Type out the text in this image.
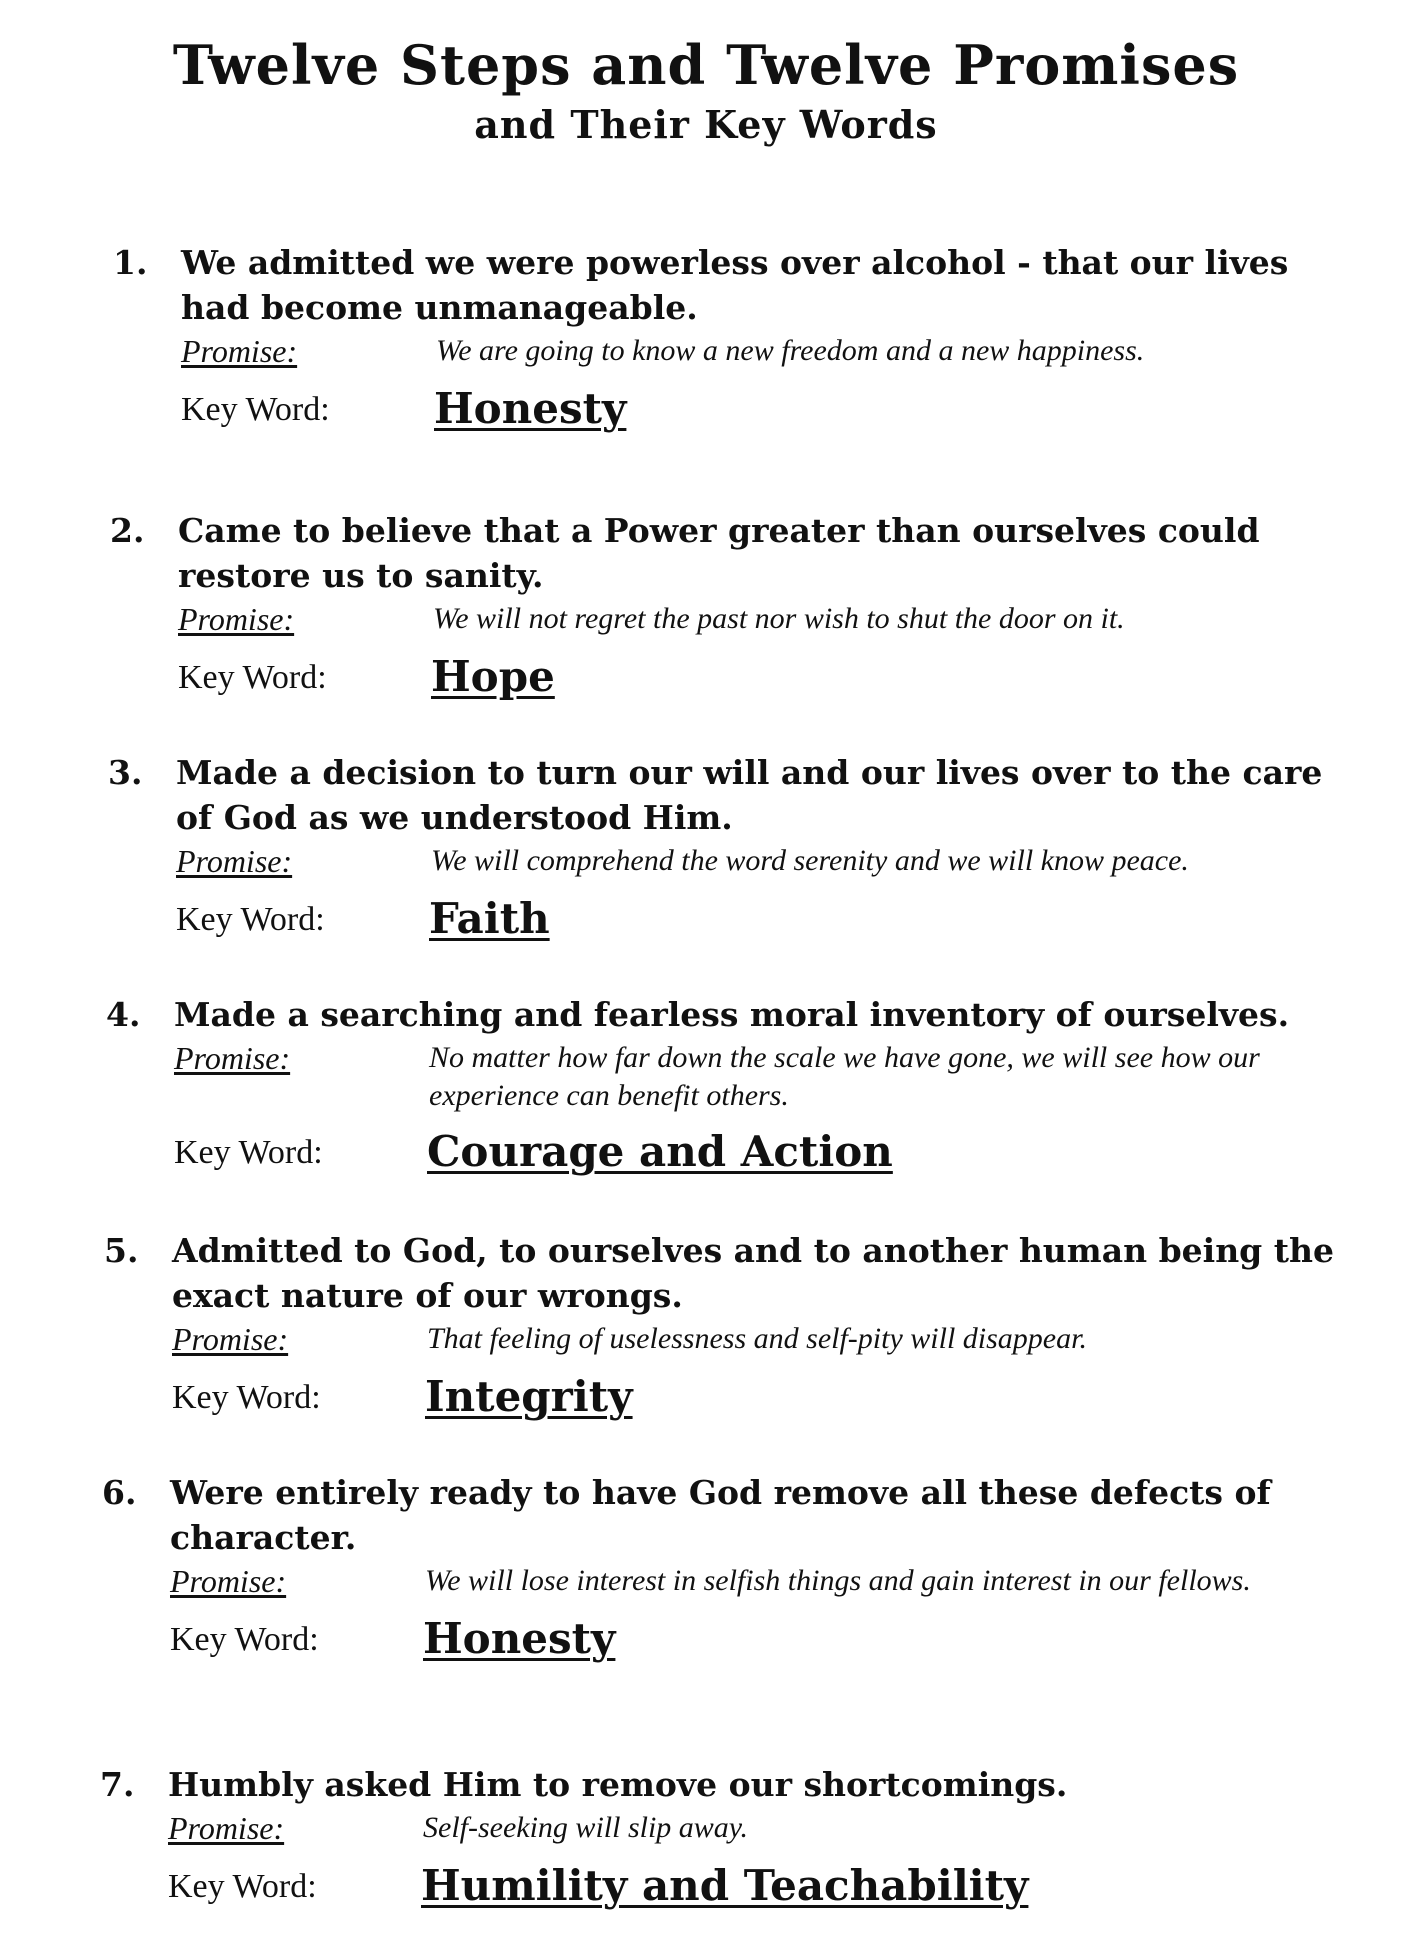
Twelve Steps and Twelve Promises
and Their Key Words
1. We admitted we were powerless over alcohol - that our lives had become unmanageable.
Promise:	We are going to know a new freedom and a new happiness.
Key Word: Honesty
2. Came to believe that a Power greater than ourselves could restore us to sanity.
Promise:	We will not regret the past nor wish to shut the door on it.
Key Word: Hope
3. Made a decision to turn our will and our lives over to the care of God as we understood Him.
Promise:	We will comprehend the word serenity and we will know peace.
Key Word: Faith
4. Made a searching and fearless moral inventory of ourselves.
Promise:	No matter how far down the scale we have gone, we will see how our experience can benefit others.
Key Word: Courage and Action
5. Admitted to God, to ourselves and to another human being the exact nature of our wrongs.
Promise:	That feeling of uselessness and self-pity will disappear.
Key Word: Integrity
6. Were entirely ready to have God remove all these defects of character.
Promise:	We will lose interest in selfish things and gain interest in our fellows.
Key Word: Honesty
7. Humbly asked Him to remove our shortcomings.
Promise:	Self-seeking will slip away.
Key Word: Humility and Teachability
